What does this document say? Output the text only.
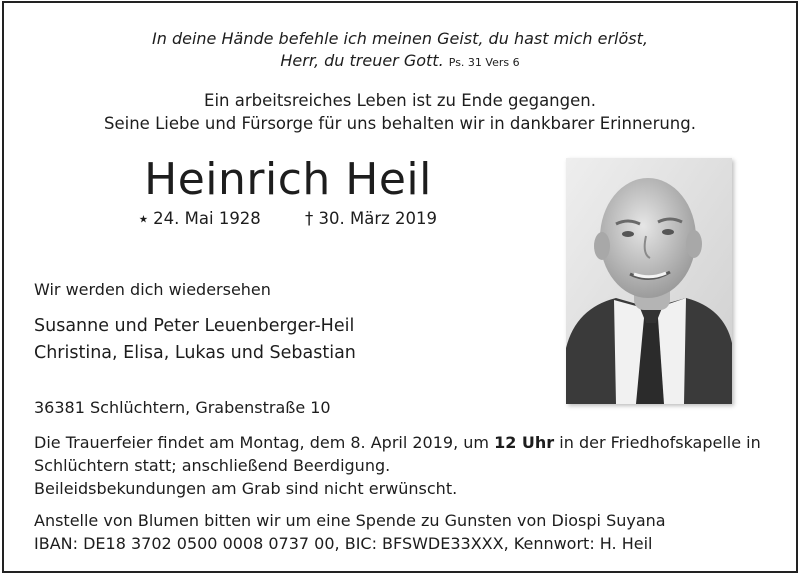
In deine Hände befehle ich meinen Geist, du hast mich erlöst,
Herr, du treuer Gott. Ps. 31 Vers 6
Ein arbeitsreiches Leben ist zu Ende gegangen.
Seine Liebe und Fürsorge für uns behalten wir in dankbarer Erinnerung.
Heinrich Heil
⭑ 24. Mai 1928	† 30. März 2019
Wir werden dich wiedersehen
Susanne und Peter Leuenberger-Heil
Christina, Elisa, Lukas und Sebastian
36381 Schlüchtern, Grabenstraße 10
Die Trauerfeier findet am Montag, dem 8. April 2019, um 12 Uhr in der Friedhofskapelle in
Schlüchtern statt; anschließend Beerdigung.
Beileidsbekundungen am Grab sind nicht erwünscht.
Anstelle von Blumen bitten wir um eine Spende zu Gunsten von Diospi Suyana
IBAN: DE18 3702 0500 0008 0737 00, BIC: BFSWDE33XXX, Kennwort: H. Heil
